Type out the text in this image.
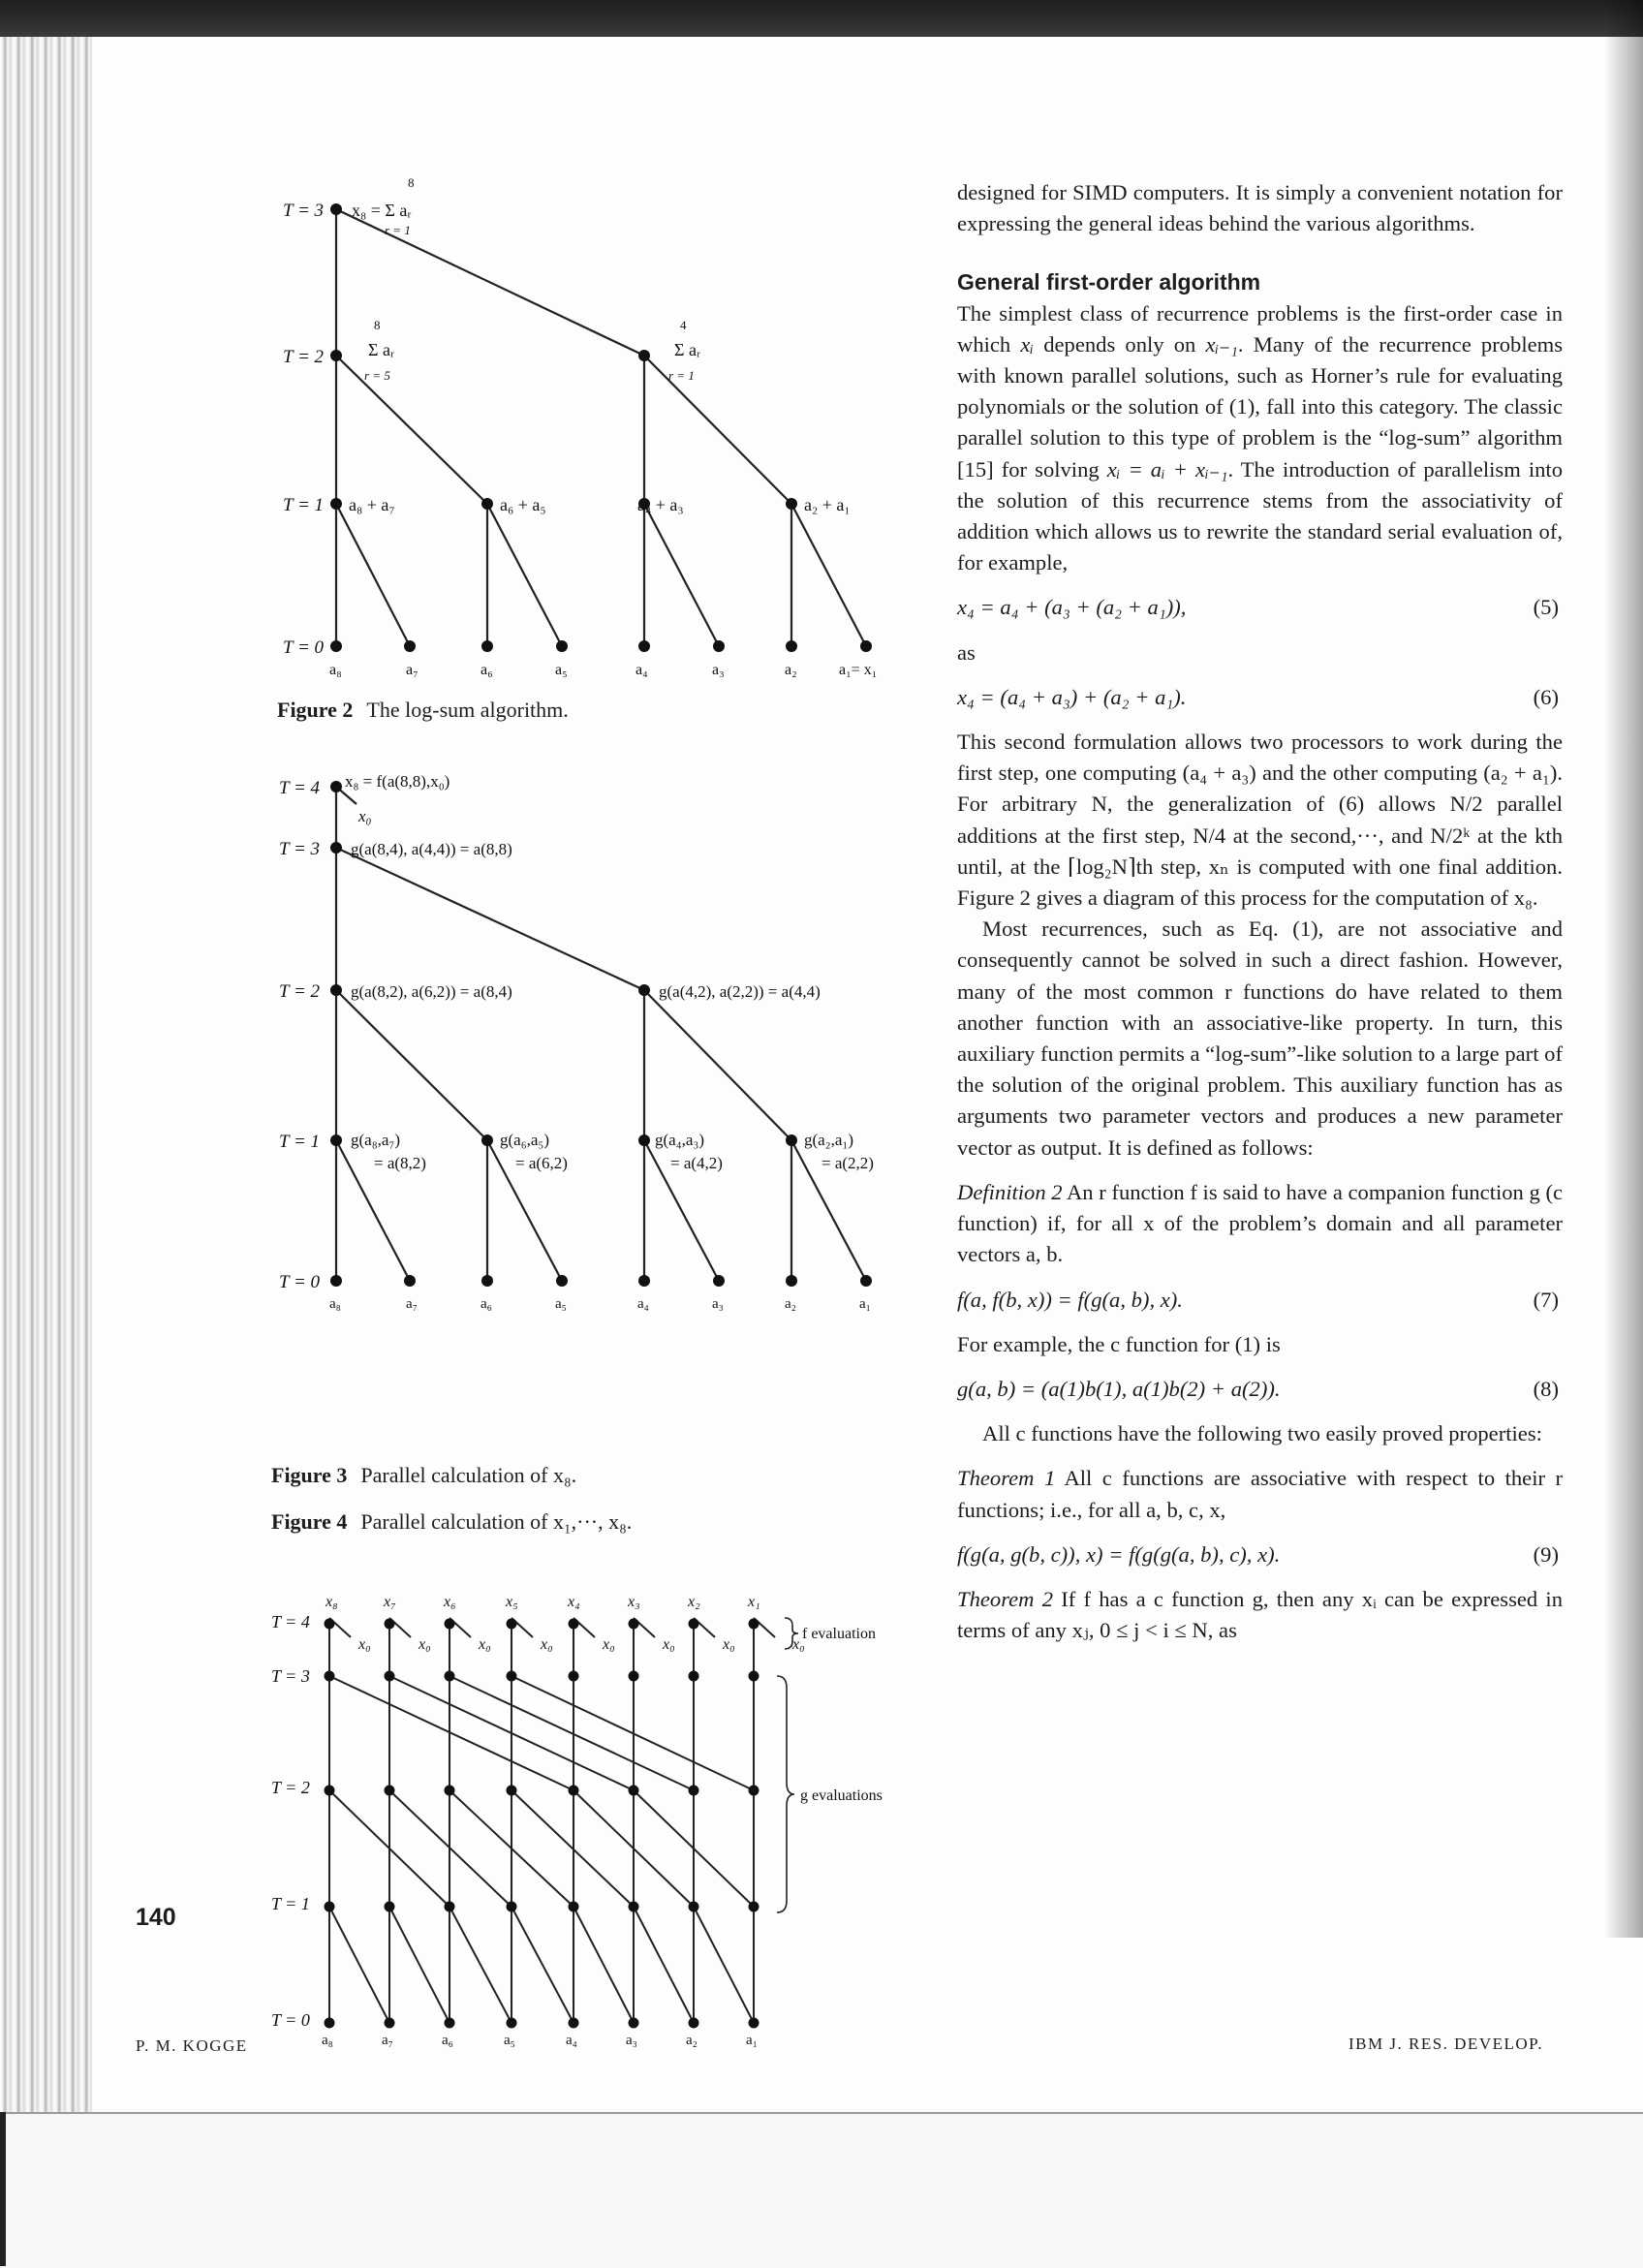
T = 3
T = 2
T = 1
T = 0
x₈ = Σ aᵣ
8
r = 1
8
Σ aᵣ
r = 5
4
Σ aᵣ
r = 1
a₈ + a₇	a₆ + a₅	a₄ + a₃	a₂ + a₁
a₈	a₇	a₆	a₅	a₄	a₃	a₂	a₁= x₁
Figure 2 The log-sum algorithm.
T = 4
T = 3
T = 2
T = 1
T = 0
x₈ = f(a(8,8),x₀)
x₀
g(a(8,4), a(4,4)) = a(8,8)
g(a(8,2), a(6,2)) = a(8,4)	g(a(4,2), a(2,2)) = a(4,4)
g(a₈,a₇)
= a(8,2)
g(a₆,a₅)
= a(6,2)
g(a₄,a₃)
= a(4,2)
g(a₂,a₁)
= a(2,2)
a₈	a₇	a₆	a₅	a₄	a₃	a₂	a₁
Figure 3 Parallel calculation of x₈.
Figure 4 Parallel calculation of x₁,···, x₈.
T = 4
T = 3
T = 2
T = 1
T = 0
x₈	x₇	x₆	x₅	x₄	x₃	x₂	x₁
x₀	x₀	x₀	x₀	x₀	x₀	x₀	x₀
f evaluation
g evaluations
a₈	a₇	a₆	a₅	a₄	a₃	a₂	a₁

designed for SIMD computers. It is simply a convenient notation for expressing the general ideas behind the various algorithms.

General first-order algorithm

The simplest class of recurrence problems is the first-order case in which xᵢ depends only on xᵢ₋₁. Many of the recurrence problems with known parallel solutions, such as Horner’s rule for evaluating polynomials or the solution of (1), fall into this category. The classic parallel solution to this type of problem is the “log-sum” algorithm [15] for solving xᵢ = aᵢ + xᵢ₋₁. The introduction of parallelism into the solution of this recurrence stems from the associativity of addition which allows us to rewrite the standard serial evaluation of, for example,

x₄ = a₄ + (a₃ + (a₂ + a₁)),	(5)

as

x₄ = (a₄ + a₃) + (a₂ + a₁).	(6)

This second formulation allows two processors to work during the first step, one computing (a₄ + a₃) and the other computing (a₂ + a₁). For arbitrary N, the generalization of (6) allows N/2 parallel additions at the first step, N/4 at the second,···, and N/2ᵏ at the kth until, at the ⌈log₂N⌉th step, xₙ is computed with one final addition. Figure 2 gives a diagram of this process for the computation of x₈.

Most recurrences, such as Eq. (1), are not associative and consequently cannot be solved in such a direct fashion. However, many of the most common r functions do have related to them another function with an associative-like property. In turn, this auxiliary function permits a “log-sum”-like solution to a large part of the solution of the original problem. This auxiliary function has as arguments two parameter vectors and produces a new parameter vector as output. It is defined as follows:

Definition 2 An r function f is said to have a companion function g (c function) if, for all x of the problem’s domain and all parameter vectors a, b.

f(a, f(b, x)) = f(g(a, b), x).	(7)

For example, the c function for (1) is

g(a, b) = (a(1)b(1), a(1)b(2) + a(2)).	(8)

All c functions have the following two easily proved properties:

Theorem 1 All c functions are associative with respect to their r functions; i.e., for all a, b, c, x,

f(g(a, g(b, c)), x) = f(g(g(a, b), c), x).	(9)

Theorem 2 If f has a c function g, then any xᵢ can be expressed in terms of any xⱼ, 0 ≤ j < i ≤ N, as

140
P. M. KOGGE	IBM J. RES. DEVELOP.
